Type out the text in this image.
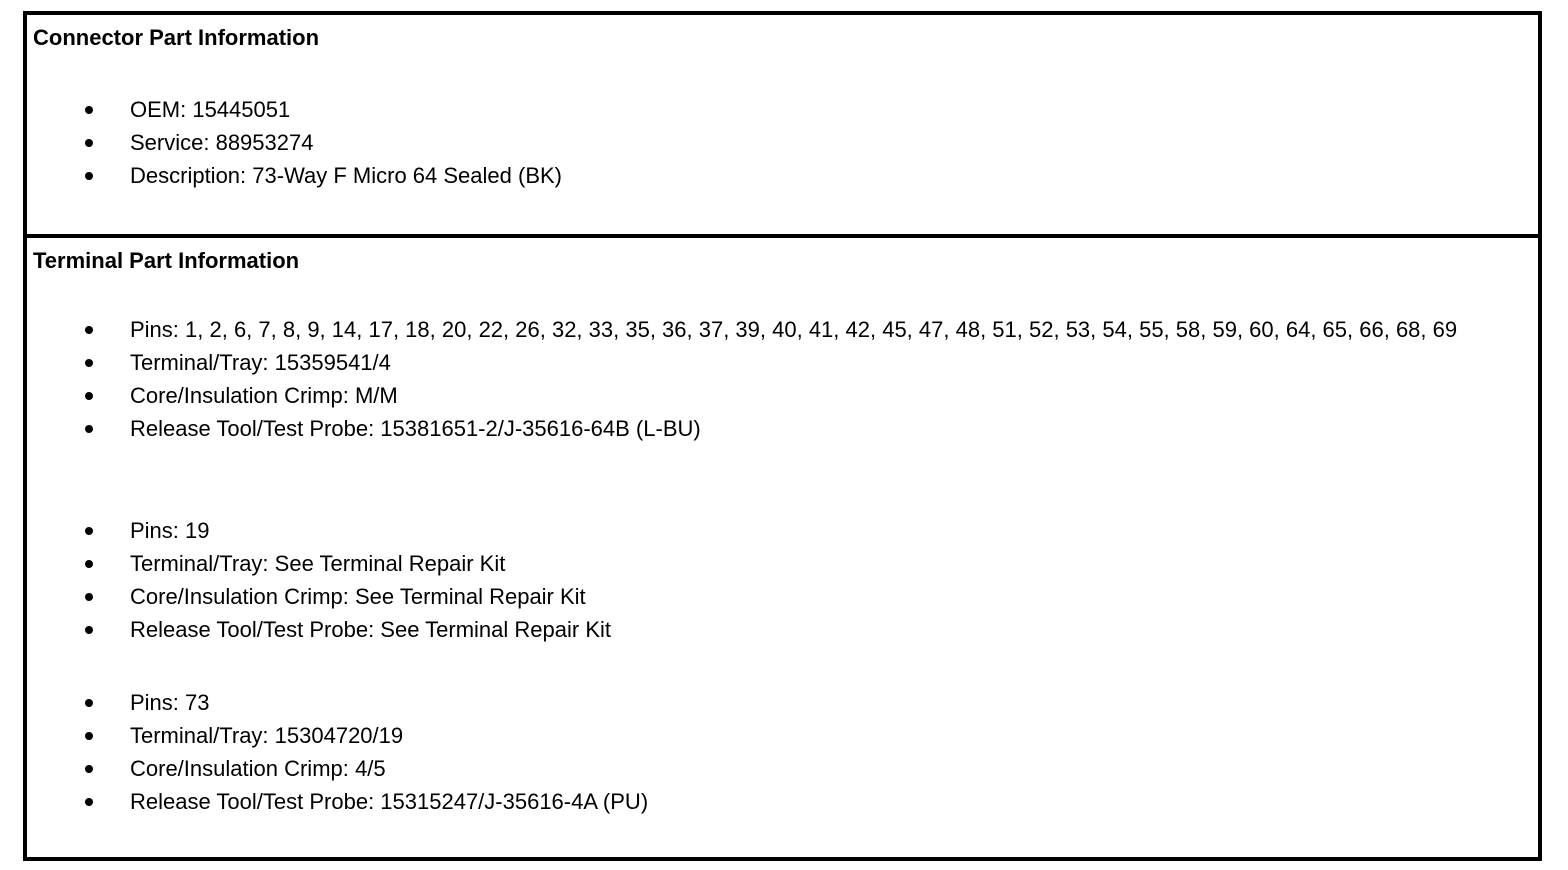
Connector Part Information
OEM: 15445051
Service: 88953274
Description: 73-Way F Micro 64 Sealed (BK)
Terminal Part Information
Pins: 1, 2, 6, 7, 8, 9, 14, 17, 18, 20, 22, 26, 32, 33, 35, 36, 37, 39, 40, 41, 42, 45, 47, 48, 51, 52, 53, 54, 55, 58, 59, 60, 64, 65, 66, 68, 69
Terminal/Tray: 15359541/4
Core/Insulation Crimp: M/M
Release Tool/Test Probe: 15381651-2/J-35616-64B (L-BU)
Pins: 19
Terminal/Tray: See Terminal Repair Kit
Core/Insulation Crimp: See Terminal Repair Kit
Release Tool/Test Probe: See Terminal Repair Kit
Pins: 73
Terminal/Tray: 15304720/19
Core/Insulation Crimp: 4/5
Release Tool/Test Probe: 15315247/J-35616-4A (PU)
